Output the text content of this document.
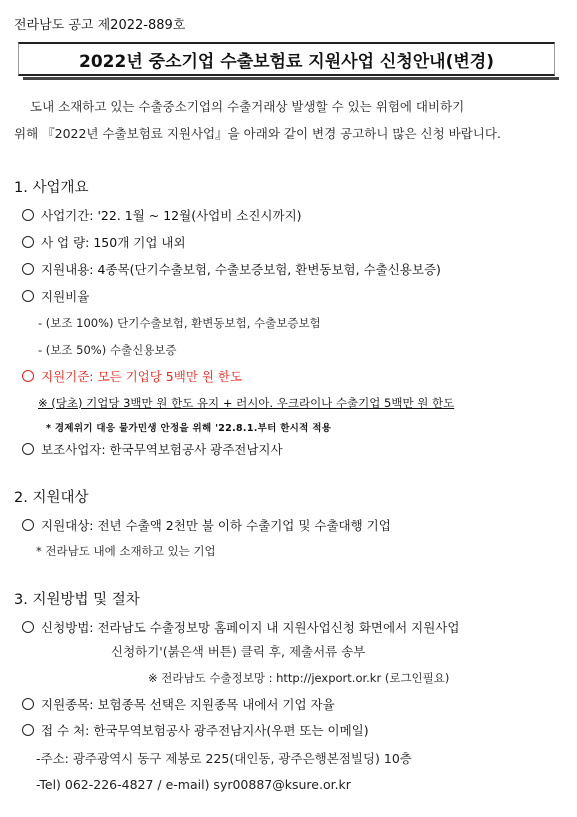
전라남도 공고 제2022-889호
2022년 중소기업 수출보험료 지원사업 신청안내(변경)
도내 소재하고 있는 수출중소기업의 수출거래상 발생할 수 있는 위험에 대비하기
위해 『2022년 수출보험료 지원사업』을 아래와 같이 변경 공고하니 많은 신청 바랍니다.
1. 사업개요
사업기간: '22. 1월 ~ 12월(사업비 소진시까지)
사 업 량: 150개 기업 내외
지원내용: 4종목(단기수출보험, 수출보증보험, 환변동보험, 수출신용보증)
지원비율
- (보조 100%) 단기수출보험, 환변동보험, 수출보증보험
- (보조 50%) 수출신용보증
지원기준: 모든 기업당 5백만 원 한도
※ (당초) 기업당 3백만 원 한도 유지 + 러시아. 우크라이나 수출기업 5백만 원 한도
* 경제위기 대응 물가민생 안정을 위해 '22.8.1.부터 한시적 적용
보조사업자: 한국무역보험공사 광주전남지사
2. 지원대상
지원대상: 전년 수출액 2천만 불 이하 수출기업 및 수출대행 기업
* 전라남도 내에 소재하고 있는 기업
3. 지원방법 및 절차
신청방법: 전라남도 수출정보망 홈페이지 내 지원사업신청 화면에서 지원사업
신청하기'(붉은색 버튼) 클릭 후, 제출서류 송부
※ 전라남도 수출정보망 : http://jexport.or.kr (로그인필요)
지원종목: 보험종목 선택은 지원종목 내에서 기업 자율
접 수 처: 한국무역보험공사 광주전남지사(우편 또는 이메일)
-주소: 광주광역시 동구 제봉로 225(대인동, 광주은행본점빌딩) 10층
-Tel) 062-226-4827 / e-mail) syr00887@ksure.or.kr
